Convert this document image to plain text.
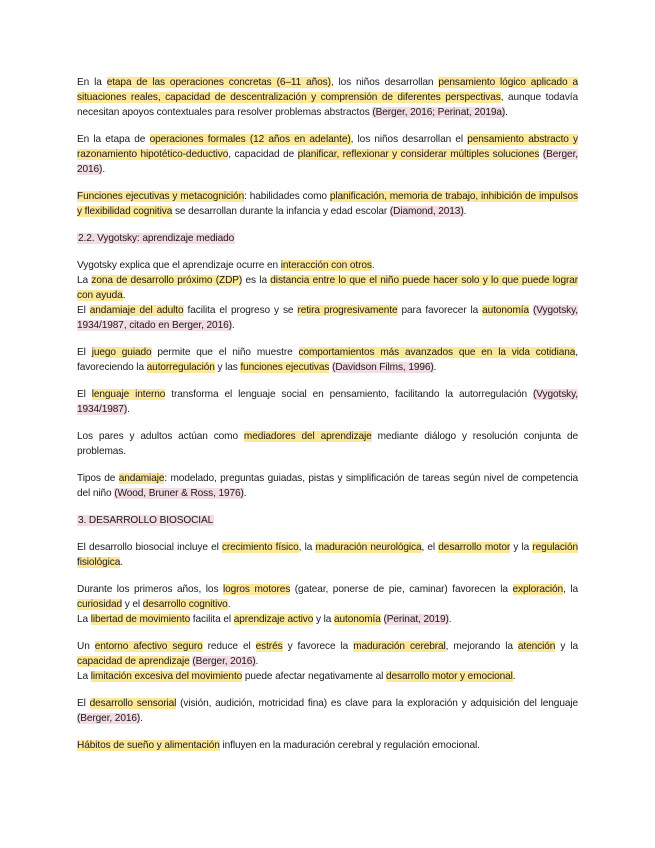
En la etapa de las operaciones concretas (6–11 años), los niños desarrollan pensamiento lógico aplicado a situaciones reales, capacidad de descentralización y comprensión de diferentes perspectivas, aunque todavía necesitan apoyos contextuales para resolver problemas abstractos (Berger, 2016; Perinat, 2019a).

En la etapa de operaciones formales (12 años en adelante), los niños desarrollan el pensamiento abstracto y razonamiento hipotético-deductivo, capacidad de planificar, reflexionar y considerar múltiples soluciones (Berger, 2016).

Funciones ejecutivas y metacognición: habilidades como planificación, memoria de trabajo, inhibición de impulsos y flexibilidad cognitiva se desarrollan durante la infancia y edad escolar (Diamond, 2013).

2.2. Vygotsky: aprendizaje mediado

Vygotsky explica que el aprendizaje ocurre en interacción con otros.

La zona de desarrollo próximo (ZDP) es la distancia entre lo que el niño puede hacer solo y lo que puede lograr con ayuda.

El andamiaje del adulto facilita el progreso y se retira progresivamente para favorecer la autonomía (Vygotsky, 1934/1987, citado en Berger, 2016).

El juego guiado permite que el niño muestre comportamientos más avanzados que en la vida cotidiana, favoreciendo la autorregulación y las funciones ejecutivas (Davidson Films, 1996).

El lenguaje interno transforma el lenguaje social en pensamiento, facilitando la autorregulación (Vygotsky, 1934/1987).

Los pares y adultos actúan como mediadores del aprendizaje mediante diálogo y resolución conjunta de problemas.

Tipos de andamiaje: modelado, preguntas guiadas, pistas y simplificación de tareas según nivel de competencia del niño (Wood, Bruner & Ross, 1976).

3. DESARROLLO BIOSOCIAL

El desarrollo biosocial incluye el crecimiento físico, la maduración neurológica, el desarrollo motor y la regulación fisiológica.

Durante los primeros años, los logros motores (gatear, ponerse de pie, caminar) favorecen la exploración, la curiosidad y el desarrollo cognitivo.

La libertad de movimiento facilita el aprendizaje activo y la autonomía (Perinat, 2019).

Un entorno afectivo seguro reduce el estrés y favorece la maduración cerebral, mejorando la atención y la capacidad de aprendizaje (Berger, 2016).

La limitación excesiva del movimiento puede afectar negativamente al desarrollo motor y emocional.

El desarrollo sensorial (visión, audición, motricidad fina) es clave para la exploración y adquisición del lenguaje (Berger, 2016).

Hábitos de sueño y alimentación influyen en la maduración cerebral y regulación emocional.
